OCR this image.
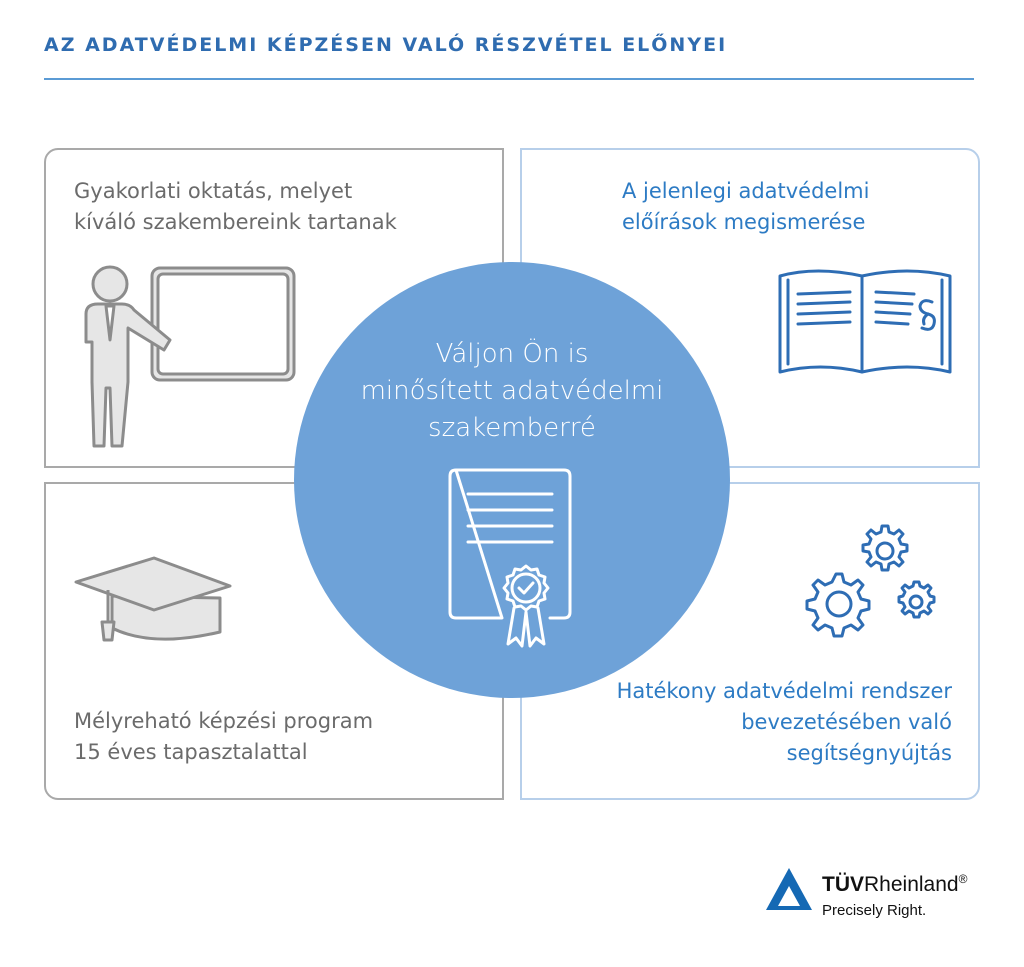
AZ ADATVÉDELMI KÉPZÉSEN VALÓ RÉSZVÉTEL ELŐNYEI
Gyakorlati oktatás, melyet
kíváló szakembereink tartanak
A jelenlegi adatvédelmi
előírások megismerése
Mélyreható képzési program
15 éves tapasztalattal
Hatékony adatvédelmi rendszer
bevezetésében való
segítségnyújtás
Váljon Ön is
minősített adatvédelmi
szakemberré
TÜVRheinland®
Precisely Right.
